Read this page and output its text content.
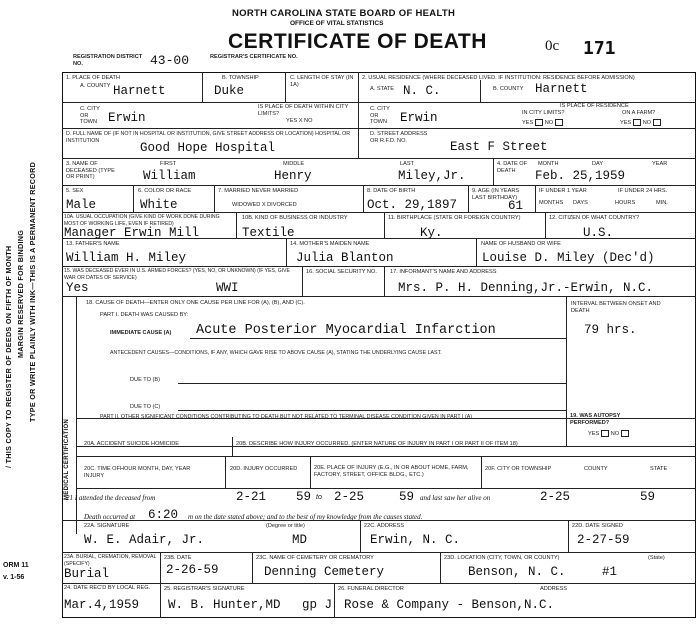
/ THIS COPY TO REGISTER OF DEEDS ON FIFTH OF MONTH MARGIN RESERVED FOR BINDING TYPE OR WRITE PLAINLY WITH INK—THIS IS A PERMANENT RECORD
ORM 11
v. 1-56
NORTH CAROLINA STATE BOARD OF HEALTH
OFFICE OF VITAL STATISTICS
CERTIFICATE OF DEATH	0c 171
REGISTRATION DISTRICT NO.	43-00	REGISTRAR'S CERTIFICATE NO.
1. PLACE OF DEATH
A. COUNTY Harnett
B. TOWNSHIP
Duke
C. LENGTH OF STAY (IN 1A)
2. USUAL RESIDENCE (WHERE DECEASED LIVED. IF INSTITUTION: RESIDENCE BEFORE ADMISSION)
A. STATE N. C.	B. COUNTY Harnett
C. CITY OR TOWN Erwin
IS PLACE OF DEATH WITHIN CITY LIMITS?
YES X NO
C. CITY OR TOWN	Erwin
IS PLACE OF RESIDENCE
IN CITY LIMITS?	ON A FARM?
YES NO	YES NO
D. FULL NAME OF (IF NOT IN HOSPITAL OR INSTITUTION, GIVE STREET ADDRESS OR LOCATION) HOSPITAL OR INSTITUTION
Good Hope Hospital
D. STREET ADDRESS OR R.F.D. NO.	East F Street
3. NAME OF DECEASED (TYPE OR PRINT)
FIRST	MIDDLE	LAST
William	Henry	Miley,Jr.
4. DATE OF DEATH
MONTH	DAY	YEAR
Feb. 25,1959
5. SEX
Male
6. COLOR OR RACE
White
7. MARRIED NEVER MARRIED
WIDOWED X DIVORCED
8. DATE OF BIRTH
Oct. 29,1897
9. AGE (IN YEARS LAST BIRTHDAY)
61
IF UNDER 1 YEAR	IF UNDER 24 HRS.
MONTHS DAYS	HOURS	MIN.
10A. USUAL OCCUPATION (GIVE KIND OF WORK DONE DURING MOST OF WORKING LIFE, EVEN IF RETIRED)
Manager Erwin Mill
10B. KIND OF BUSINESS OR INDUSTRY
Textile
11. BIRTHPLACE (STATE OR FOREIGN COUNTRY)
Ky.
12. CITIZEN OF WHAT COUNTRY?
U.S.
13. FATHER'S NAME
William H. Miley
14. MOTHER'S MAIDEN NAME
Julia Blanton
NAME OF HUSBAND OR WIFE
Louise D. Miley (Dec'd)
15. WAS DECEASED EVER IN U.S. ARMED FORCES? (YES, NO, OR UNKNOWN) (IF YES, GIVE WAR OR DATES OF SERVICE)
Yes	WWI
16. SOCIAL SECURITY NO. 17. INFORMANT'S NAME AND ADDRESS
Mrs. P. H. Denning,Jr.-Erwin, N.C.
MEDICAL CERTIFICATION
18. CAUSE OF DEATH—ENTER ONLY ONE CAUSE PER LINE FOR (A), (B), AND (C).
PART I. DEATH WAS CAUSED BY:
IMMEDIATE CAUSE (A) Acute Posterior Myocardial Infarction
INTERVAL BETWEEN ONSET AND DEATH
79 hrs.
ANTECEDENT CAUSES—CONDITIONS, IF ANY, WHICH GAVE RISE TO ABOVE CAUSE (A), STATING THE UNDERLYING CAUSE LAST.
DUE TO (B)
DUE TO (C)
PART II. OTHER SIGNIFICANT CONDITIONS CONTRIBUTING TO DEATH BUT NOT RELATED TO TERMINAL DISEASE CONDITION GIVEN IN PART I (A)	19. WAS AUTOPSY PERFORMED?
YES NO
20A. ACCIDENT SUICIDE HOMICIDE	20B. DESCRIBE HOW INJURY OCCURRED. (ENTER NATURE OF INJURY IN PART I OR PART II OF ITEM 18)
20C. TIME OF INJURY
HOUR MONTH, DAY, YEAR	20D. INJURY OCCURRED	20E. PLACE OF INJURY (E.G., IN OR ABOUT HOME, FARM, FACTORY, STREET, OFFICE BLDG., ETC.)
20F. CITY OR TOWNSHIP	COUNTY	STATE
21 I attended the deceased from	2-21 59 to 2-25	59 and last saw her alive on	2-25	59
Death occurred at 6:20 m on the date stated above; and to the best of my knowledge from the causes stated.
22A. SIGNATURE
W. E. Adair, Jr.
(Degree or title)
MD
22C. ADDRESS
Erwin, N. C.
22D. DATE SIGNED
2-27-59
23A. BURIAL, CREMATION, REMOVAL (SPECIFY)
Burial
23B. DATE
2-26-59
23C. NAME OF CEMETERY OR CREMATORY
Denning Cemetery
23D. LOCATION (CITY, TOWN, OR COUNTY)	(State)
Benson, N. C.	#1
24. DATE REC'D BY LOCAL REG.
Mar.4,1959
25. REGISTRAR'S SIGNATURE
W. B. Hunter,MD gp J
26. FUNERAL DIRECTOR	ADDRESS
Rose & Company - Benson,N.C.
